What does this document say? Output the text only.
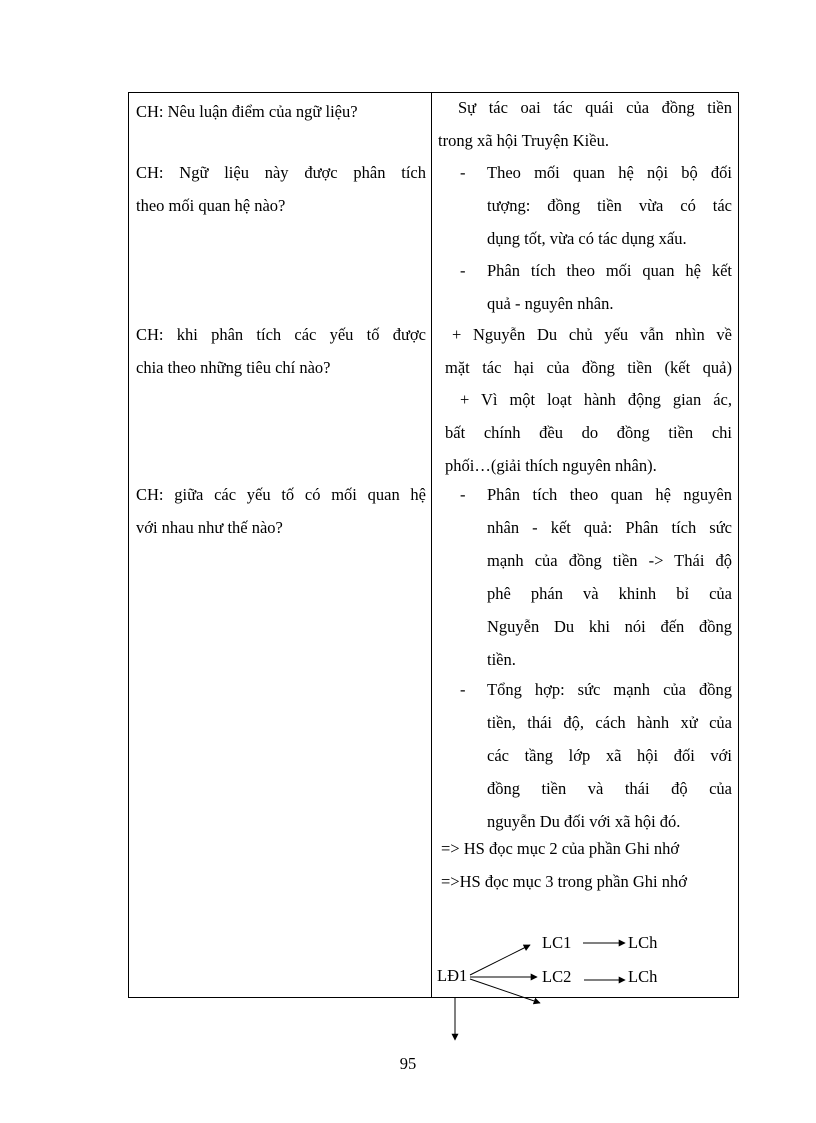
CH: Nêu luận điểm của ngữ liệu?
CH: Ngữ liệu này được phân tích
theo mối quan hệ nào?
CH: khi phân tích các yếu tố được
chia theo những tiêu chí nào?
CH: giữa các yếu tố có mối quan hệ
với nhau như thế nào?
Sự tác oai tác quái của đồng tiền
trong xã hội Truyện Kiều.
- Theo mối quan hệ nội bộ đối
tượng: đồng tiền vừa có tác
dụng tốt, vừa có tác dụng xấu.
- Phân tích theo mối quan hệ kết
quả - nguyên nhân.
+ Nguyễn Du chủ yếu vẫn nhìn về
mặt tác hại của đồng tiền (kết quả)
+ Vì một loạt hành động gian ác,
bất chính đều do đồng tiền chi
phối…(giải thích nguyên nhân).
- Phân tích theo quan hệ nguyên
nhân - kết quả: Phân tích sức
mạnh của đồng tiền -> Thái độ
phê phán và khinh bỉ của
Nguyễn Du khi nói đến đồng
tiền.
- Tổng hợp: sức mạnh của đồng
tiền, thái độ, cách hành xử của
các tầng lớp xã hội đối với
đồng tiền và thái độ của
nguyễn Du đối với xã hội đó.
=> HS đọc mục 2 của phần Ghi nhớ
=>HS đọc mục 3 trong phần Ghi nhớ
LĐ1
LC1
LC2
LCh
LCh
95
